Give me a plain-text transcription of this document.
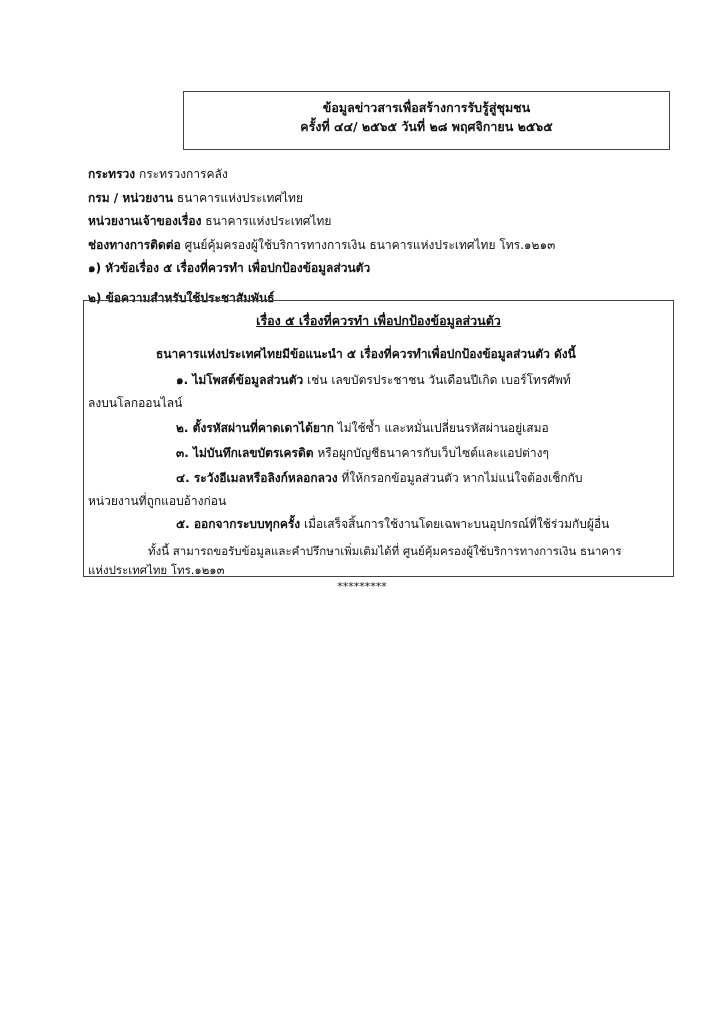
ข้อมูลข่าวสารเพื่อสร้างการรับรู้สู่ชุมชน
ครั้งที่ ๔๔/ ๒๕๖๕ วันที่ ๒๘ พฤศจิกายน ๒๕๖๕
กระทรวง กระทรวงการคลัง
กรม / หน่วยงาน ธนาคารแห่งประเทศไทย
หน่วยงานเจ้าของเรื่อง ธนาคารแห่งประเทศไทย
ช่องทางการติดต่อ ศูนย์คุ้มครองผู้ใช้บริการทางการเงิน ธนาคารแห่งประเทศไทย โทร.๑๒๑๓
๑) หัวข้อเรื่อง ๕ เรื่องที่ควรทำ เพื่อปกป้องข้อมูลส่วนตัว
๒) ข้อความสำหรับใช้ประชาสัมพันธ์
เรื่อง ๕ เรื่องที่ควรทำ เพื่อปกป้องข้อมูลส่วนตัว
ธนาคารแห่งประเทศไทยมีข้อแนะนำ ๕ เรื่องที่ควรทำเพื่อปกป้องข้อมูลส่วนตัว ดังนี้
๑. ไม่โพสต์ข้อมูลส่วนตัว เช่น เลขบัตรประชาชน วันเดือนปีเกิด เบอร์โทรศัพท์
ลงบนโลกออนไลน์
๒. ตั้งรหัสผ่านที่คาดเดาได้ยาก ไม่ใช้ซ้ำ และหมั่นเปลี่ยนรหัสผ่านอยู่เสมอ
๓. ไม่บันทึกเลขบัตรเครดิต หรือผูกบัญชีธนาคารกับเว็บไซต์และแอปต่างๆ
๔. ระวังอีเมลหรือลิงก์หลอกลวง ที่ให้กรอกข้อมูลส่วนตัว หากไม่แน่ใจต้องเช็กกับ
หน่วยงานที่ถูกแอบอ้างก่อน
๕. ออกจากระบบทุกครั้ง เมื่อเสร็จสิ้นการใช้งานโดยเฉพาะบนอุปกรณ์ที่ใช้ร่วมกับผู้อื่น
ทั้งนี้ สามารถขอรับข้อมูลและคำปรึกษาเพิ่มเติมได้ที่ ศูนย์คุ้มครองผู้ใช้บริการทางการเงิน ธนาคาร
แห่งประเทศไทย โทร.๑๒๑๓
*********
